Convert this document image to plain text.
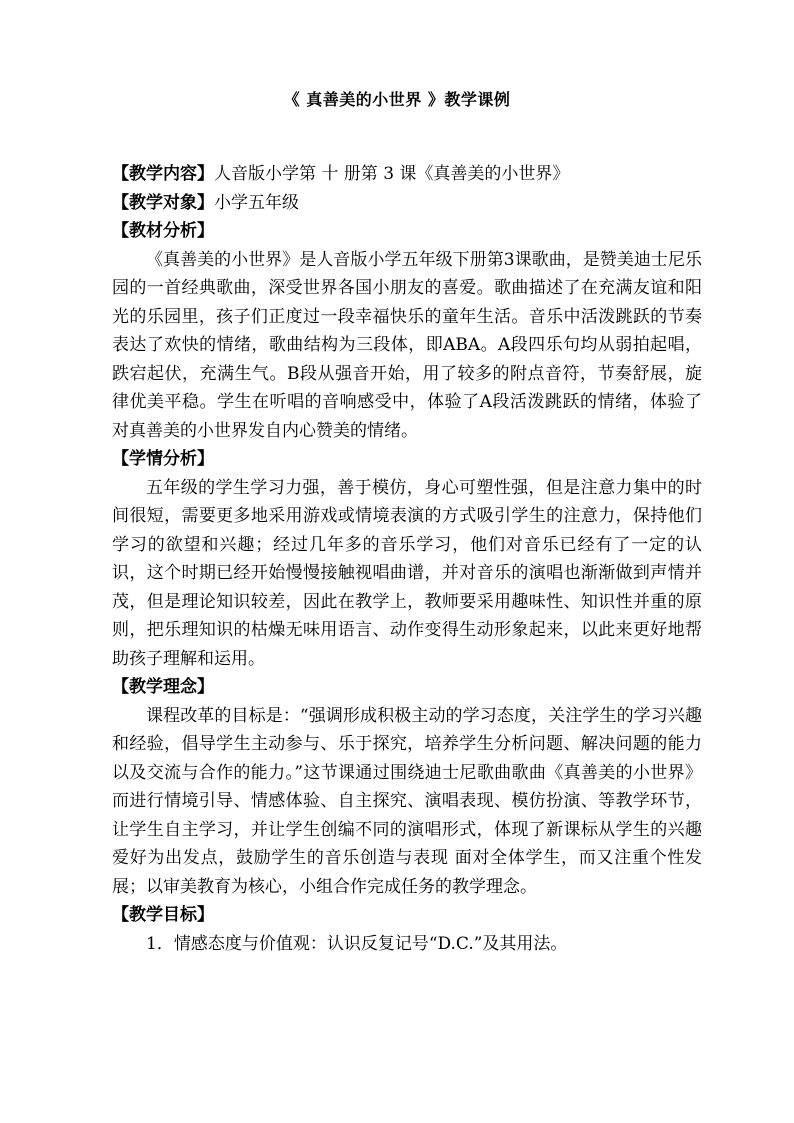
《 真善美的小世界 》教学课例

【教学内容】人音版小学第 十 册第 3 课《真善美的小世界》

【教学对象】小学五年级

【教材分析】

《真善美的小世界》是人音版小学五年级下册第3课歌曲，是赞美迪士尼乐园的一首经典歌曲，深受世界各国小朋友的喜爱。歌曲描述了在充满友谊和阳光的乐园里，孩子们正度过一段幸福快乐的童年生活。音乐中活泼跳跃的节奏表达了欢快的情绪，歌曲结构为三段体，即ABA。A段四乐句均从弱拍起唱，跌宕起伏，充满生气。B段从强音开始，用了较多的附点音符，节奏舒展，旋律优美平稳。学生在听唱的音响感受中，体验了A段活泼跳跃的情绪，体验了对真善美的小世界发自内心赞美的情绪。

【学情分析】

五年级的学生学习力强，善于模仿，身心可塑性强，但是注意力集中的时间很短，需要更多地采用游戏或情境表演的方式吸引学生的注意力，保持他们学习的欲望和兴趣；经过几年多的音乐学习，他们对音乐已经有了一定的认识，这个时期已经开始慢慢接触视唱曲谱，并对音乐的演唱也渐渐做到声情并茂，但是理论知识较差，因此在教学上，教师要采用趣味性、知识性并重的原则，把乐理知识的枯燥无味用语言、动作变得生动形象起来，以此来更好地帮助孩子理解和运用。

【教学理念】

课程改革的目标是：“强调形成积极主动的学习态度，关注学生的学习兴趣和经验，倡导学生主动参与、乐于探究，培养学生分析问题、解决问题的能力以及交流与合作的能力。”这节课通过围绕迪士尼歌曲歌曲《真善美的小世界》而进行情境引导、情感体验、自主探究、演唱表现、模仿扮演、等教学环节，让学生自主学习，并让学生创编不同的演唱形式，体现了新课标从学生的兴趣爱好为出发点，鼓励学生的音乐创造与表现 面对全体学生，而又注重个性发展；以审美教育为核心，小组合作完成任务的教学理念。

【教学目标】

1．情感态度与价值观：认识反复记号“D.C.”及其用法。
